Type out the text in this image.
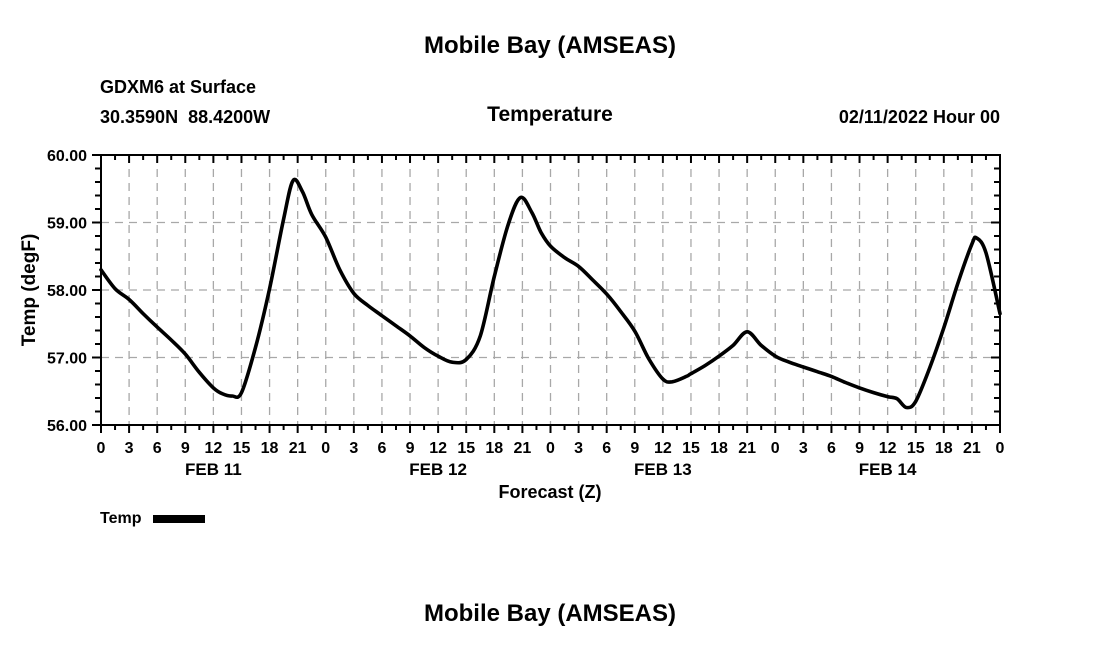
Mobile Bay (AMSEAS)
GDXM6 at Surface
30.3590N  88.4200W	Temperature	02/11/2022 Hour 00
56.00
57.00
58.00
59.00
60.00
0 3 6 9 12 15 18 21 0 3 6 9 12 15 18 21 0 3 6 9 12 15 18 21 0 3 6 9 12 15 18 21 0
FEB 11	FEB 12	FEB 13	FEB 14
Temp (degF)
Forecast (Z)
Temp
Mobile Bay (AMSEAS)
